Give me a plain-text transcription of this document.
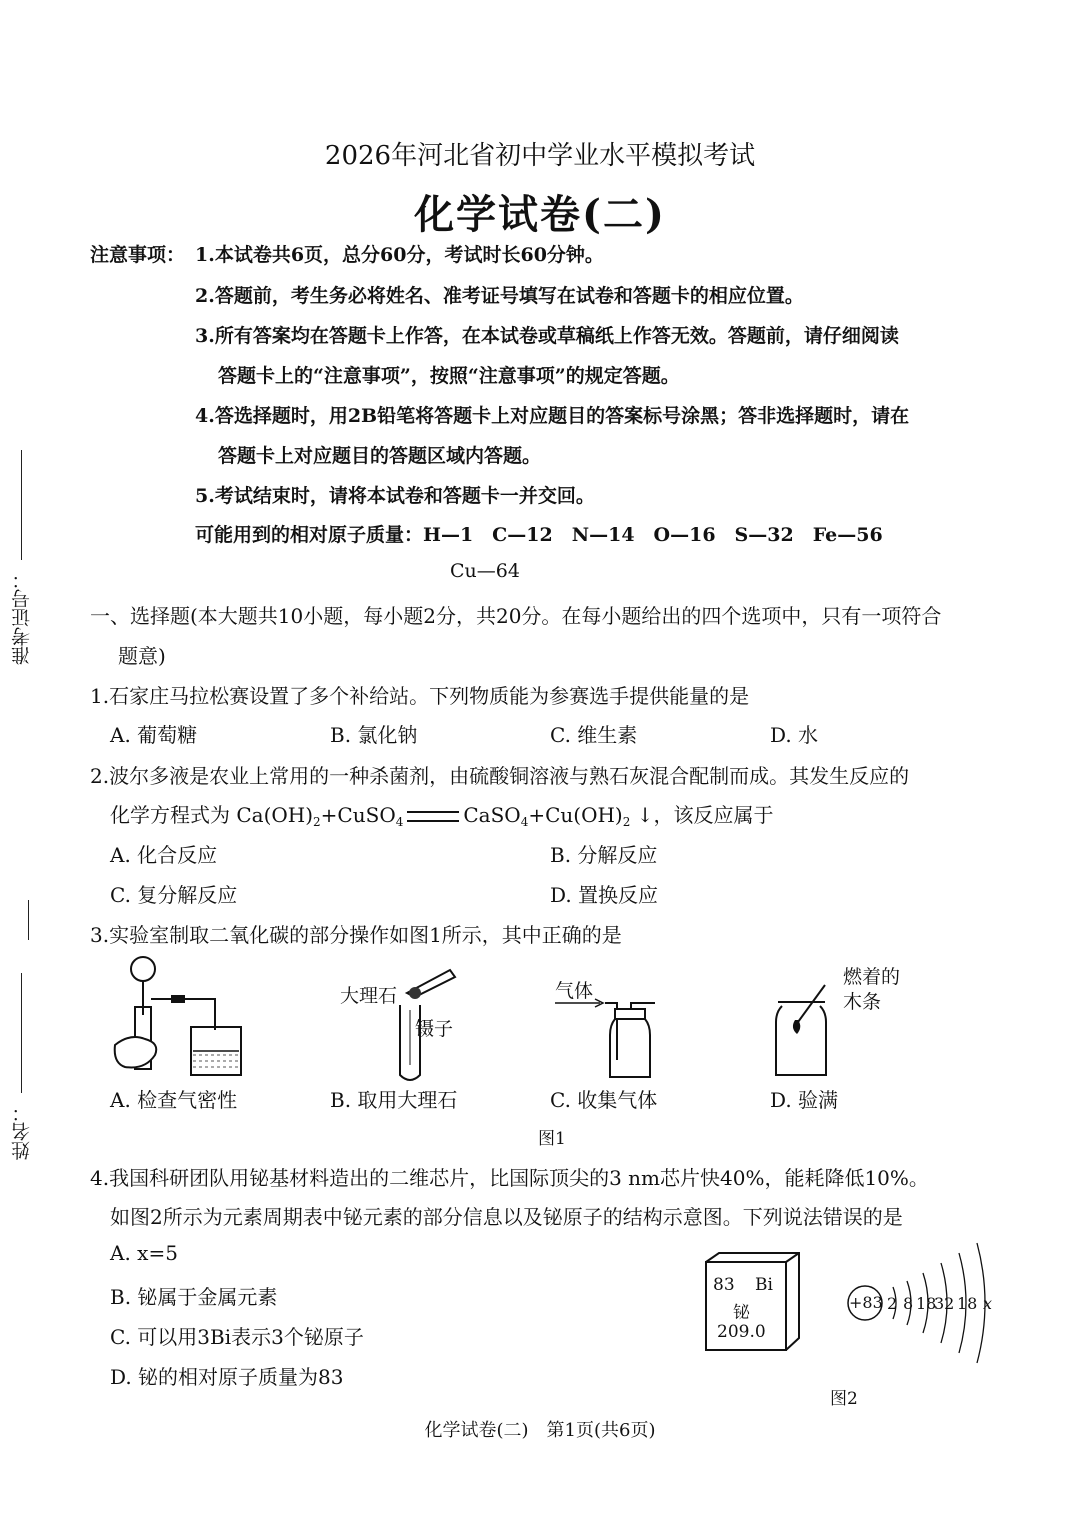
2026年河北省初中学业水平模拟考试
化学试卷(二)
准考证号：
姓名：
注意事项： 1.本试卷共6页，总分60分，考试时长60分钟。
2.答题前，考生务必将姓名、准考证号填写在试卷和答题卡的相应位置。
3.所有答案均在答题卡上作答，在本试卷或草稿纸上作答无效。答题前，请仔细阅读
答题卡上的“注意事项”，按照“注意事项”的规定答题。
4.答选择题时，用2B铅笔将答题卡上对应题目的答案标号涂黑；答非选择题时，请在
答题卡上对应题目的答题区域内答题。
5.考试结束时，请将本试卷和答题卡一并交回。
可能用到的相对原子质量：H—1　C—12　N—14　O—16　S—32　Fe—56
Cu—64
一、选择题(本大题共10小题，每小题2分，共20分。在每小题给出的四个选项中，只有一项符合
题意)
1.石家庄马拉松赛设置了多个补给站。下列物质能为参赛选手提供能量的是
A. 葡萄糖	B. 氯化钠	C. 维生素	D. 水
2.波尔多液是农业上常用的一种杀菌剂，由硫酸铜溶液与熟石灰混合配制而成。其发生反应的
化学方程式为 $Ca(OH)_2+CuSO_4$	$CaSO_4+Cu(OH)_2$ ↓，该反应属于
A. 化合反应	B. 分解反应
C. 复分解反应	D. 置换反应
3.实验室制取二氧化碳的部分操作如图1所示，其中正确的是
大理石
镊子
气体
燃着的
木条
A. 检查气密性	B. 取用大理石	C. 收集气体	D. 验满
图1
4.我国科研团队用铋基材料造出的二维芯片，比国际顶尖的3 nm芯片快40%，能耗降低10%。
如图2所示为元素周期表中铋元素的部分信息以及铋原子的结构示意图。下列说法错误的是
A. x=5
B. 铋属于金属元素
C. 可以用3Bi表示3个铋原子
D. 铋的相对原子质量为83
83 Bi
铋
209.0
+83 2 8 18
32 18 x
图2
化学试卷(二)　第1页(共6页)
